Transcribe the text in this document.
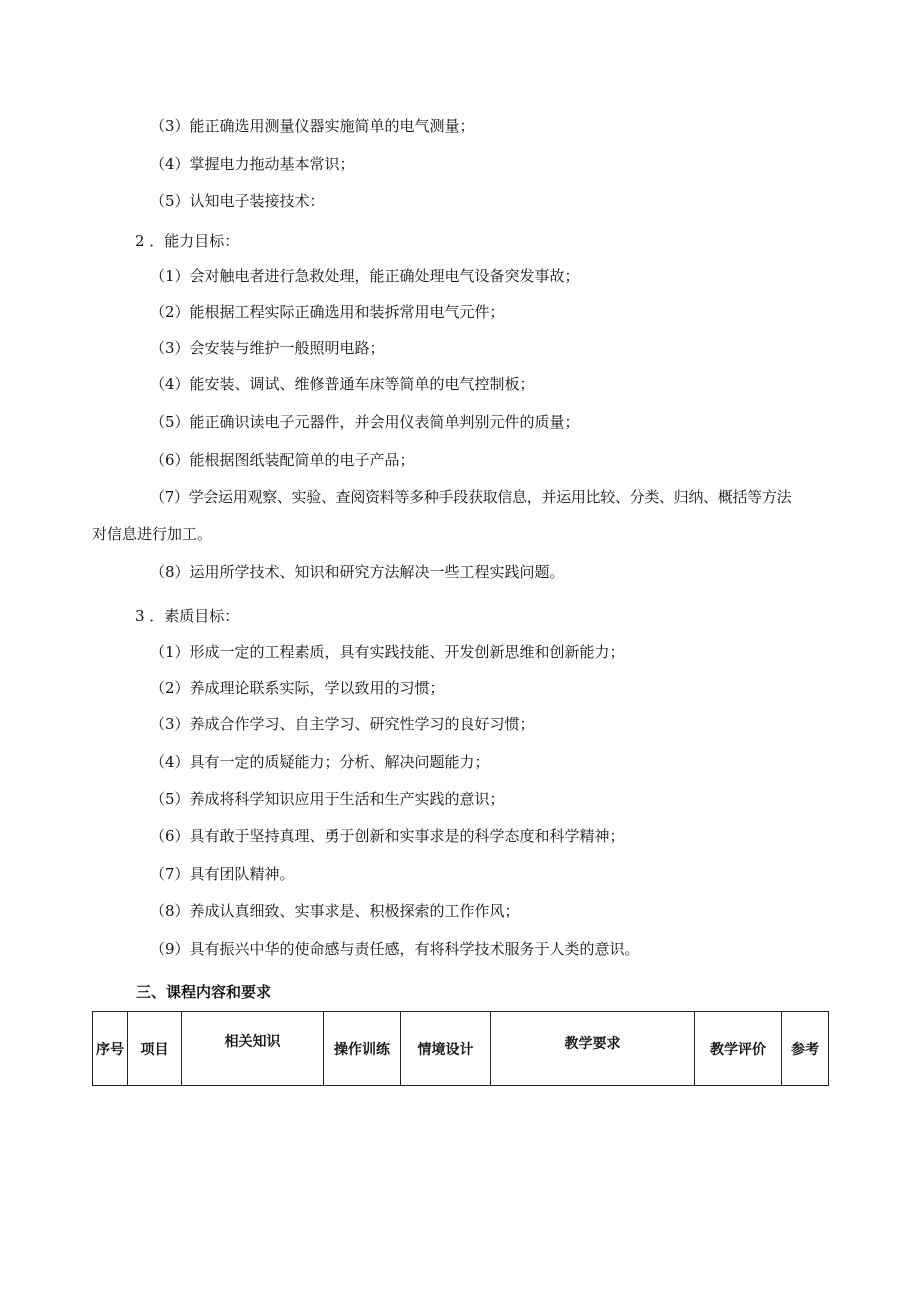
（3）能正确选用测量仪器实施简单的电气测量；
（4）掌握电力拖动基本常识；
（5）认知电子装接技术：
2 ．能力目标：
（1）会对触电者进行急救处理，能正确处理电气设备突发事故；
（2）能根据工程实际正确选用和装拆常用电气元件；
（3）会安装与维护一般照明电路；
（4）能安装、调试、维修普通车床等简单的电气控制板；
（5）能正确识读电子元器件，并会用仪表简单判别元件的质量；
（6）能根据图纸装配简单的电子产品；
（7）学会运用观察、实验、查阅资料等多种手段获取信息，并运用比较、分类、归纳、概括等方法
对信息进行加工。
（8）运用所学技术、知识和研究方法解决一些工程实践问题。
3 ．素质目标：
（1）形成一定的工程素质，具有实践技能、开发创新思维和创新能力；
（2）养成理论联系实际，学以致用的习惯；
（3）养成合作学习、自主学习、研究性学习的良好习惯；
（4）具有一定的质疑能力；分析、解决问题能力；
（5）养成将科学知识应用于生活和生产实践的意识；
（6）具有敢于坚持真理、勇于创新和实事求是的科学态度和科学精神；
（7）具有团队精神。
（8）养成认真细致、实事求是、积极探索的工作作风；
（9）具有振兴中华的使命感与责任感，有将科学技术服务于人类的意识。
三、课程内容和要求
序号	项目	相关知识	操作训练	情境设计	教学要求	教学评价	参考
